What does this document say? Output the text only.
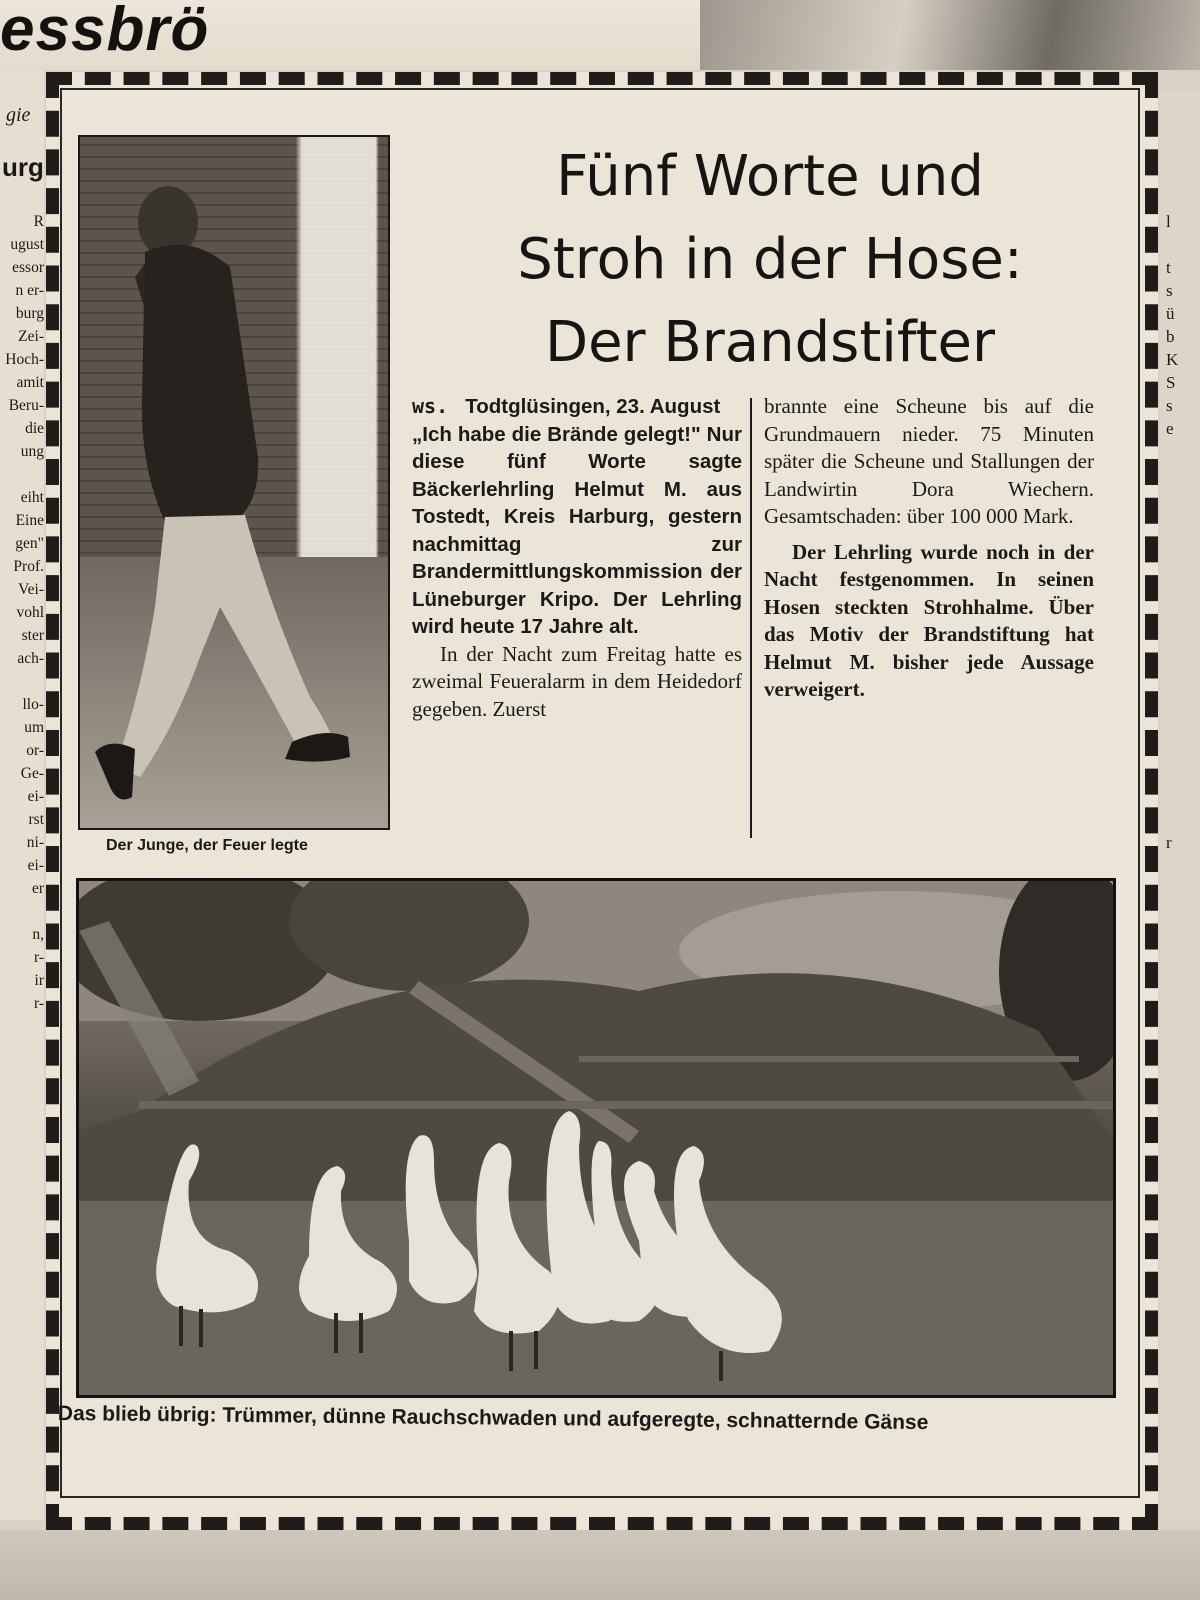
essbrö
gie
urg
R
ugust
essor
n er-
burg
Zei-
Hoch-
amit
Beru-
die
ung

eiht
Eine
gen"
Prof.
Vei-
vohl
ster
ach-

llo-
um
or-
Ge-
ei-
rst
ni-
ei-
er

n,
r-
ir
r-
l

t
s
ü
b
K
S
s
e

r
Der Junge, der Feuer legte
Fünf Worte und
Stroh in der Hose:
Der Brandstifter

ws. Todtglüsingen, 23. August
„Ich habe die Brände gelegt!" Nur diese fünf Worte sagte Bäckerlehrling Helmut M. aus Tostedt, Kreis Harburg, gestern nachmittag zur Brandermittlungskommission der Lüneburger Kripo. Der Lehrling wird heute 17 Jahre alt.

In der Nacht zum Freitag hatte es zweimal Feueralarm in dem Heidedorf gegeben. Zuerst

brannte eine Scheune bis auf die Grundmauern nieder. 75 Minuten später die Scheune und Stallungen der Landwirtin Dora Wiechern. Gesamtschaden: über 100 000 Mark.

Der Lehrling wurde noch in der Nacht festgenommen. In seinen Hosen steckten Strohhalme. Über das Motiv der Brandstiftung hat Helmut M. bisher jede Aussage verweigert.

Das blieb übrig: Trümmer, dünne Rauchschwaden und aufgeregte, schnatternde Gänse
